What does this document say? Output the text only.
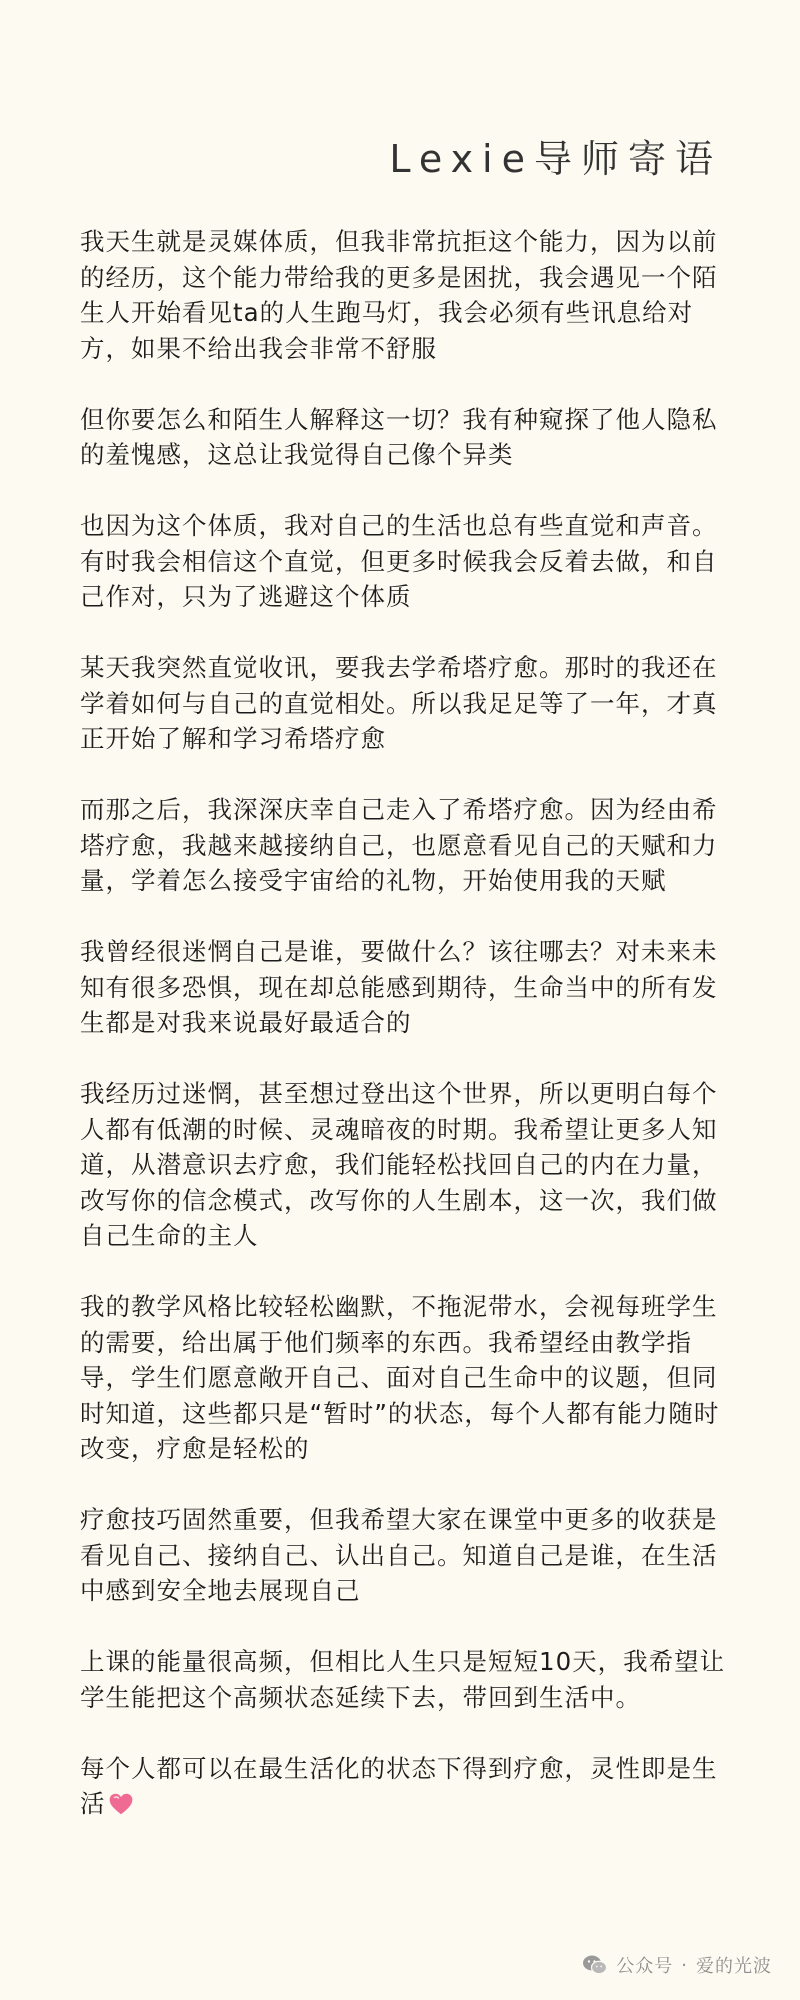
Lexie导师寄语

我天生就是灵媒体质，但我非常抗拒这个能力，因为以前的经历，这个能力带给我的更多是困扰，我会遇见一个陌生人开始看见ta的人生跑马灯，我会必须有些讯息给对方，如果不给出我会非常不舒服

但你要怎么和陌生人解释这一切？我有种窥探了他人隐私的羞愧感，这总让我觉得自己像个异类

也因为这个体质，我对自己的生活也总有些直觉和声音。有时我会相信这个直觉，但更多时候我会反着去做，和自己作对，只为了逃避这个体质

某天我突然直觉收讯，要我去学希塔疗愈。那时的我还在学着如何与自己的直觉相处。所以我足足等了一年，才真正开始了解和学习希塔疗愈

而那之后，我深深庆幸自己走入了希塔疗愈。因为经由希塔疗愈，我越来越接纳自己，也愿意看见自己的天赋和力量，学着怎么接受宇宙给的礼物，开始使用我的天赋

我曾经很迷惘自己是谁，要做什么？该往哪去？对未来未知有很多恐惧，现在却总能感到期待，生命当中的所有发生都是对我来说最好最适合的

我经历过迷惘，甚至想过登出这个世界，所以更明白每个人都有低潮的时候、灵魂暗夜的时期。我希望让更多人知道，从潜意识去疗愈，我们能轻松找回自己的内在力量，改写你的信念模式，改写你的人生剧本，这一次，我们做自己生命的主人

我的教学风格比较轻松幽默，不拖泥带水，会视每班学生的需要，给出属于他们频率的东西。我希望经由教学指导，学生们愿意敞开自己、面对自己生命中的议题，但同时知道，这些都只是“暂时”的状态，每个人都有能力随时改变，疗愈是轻松的

疗愈技巧固然重要，但我希望大家在课堂中更多的收获是看见自己、接纳自己、认出自己。知道自己是谁，在生活中感到安全地去展现自己

上课的能量很高频，但相比人生只是短短10天，我希望让学生能把这个高频状态延续下去，带回到生活中。

每个人都可以在最生活化的状态下得到疗愈，灵性即是生活

公众号 · 爱的光波
